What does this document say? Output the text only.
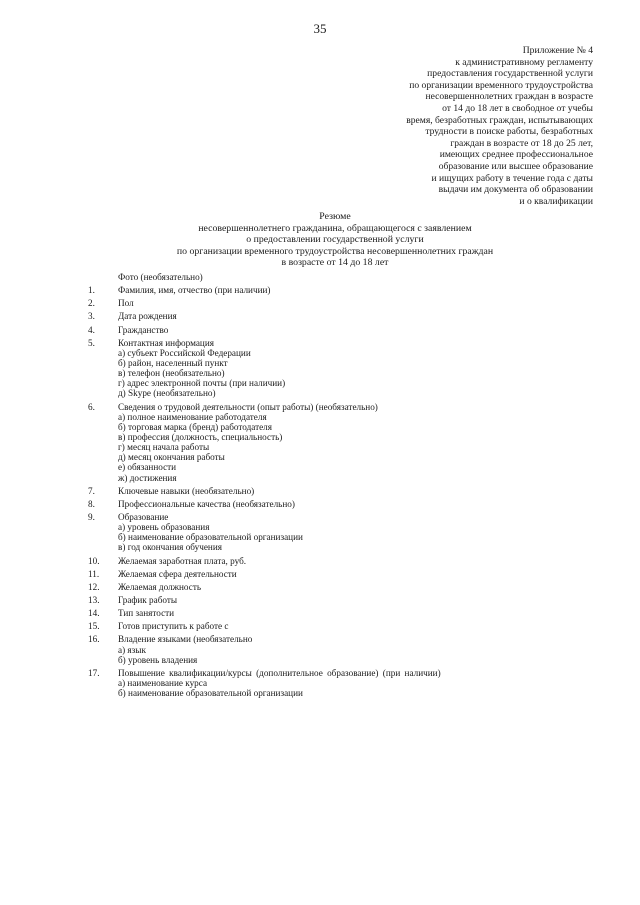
35
Приложение № 4
к административному регламенту
предоставления государственной услуги
по организации временного трудоустройства
несовершеннолетних граждан в возрасте
от 14 до 18 лет в свободное от учебы
время, безработных граждан, испытывающих
трудности в поиске работы, безработных
граждан в возрасте от 18 до 25 лет,
имеющих среднее профессиональное
образование или высшее образование
и ищущих работу в течение года с даты
выдачи им документа об образовании
и о квалификации
Резюме
несовершеннолетнего гражданина, обращающегося с заявлением
о предоставлении государственной услуги
по организации временного трудоустройства несовершеннолетних граждан
в возрасте от 14 до 18 лет
Фото (необязательно)
1.	Фамилия, имя, отчество (при наличии)
2.	Пол
3.	Дата рождения
4.	Гражданство
5.	Контактная информация
а) субъект Российской Федерации
б) район, населенный пункт
в) телефон (необязательно)
г) адрес электронной почты (при наличии)
д) Skype (необязательно)
6.	Сведения о трудовой деятельности (опыт работы) (необязательно)
а) полное наименование работодателя
б) торговая марка (бренд) работодателя
в) профессия (должность, специальность)
г) месяц начала работы
д) месяц окончания работы
е) обязанности
ж) достижения
7.	Ключевые навыки (необязательно)
8.	Профессиональные качества (необязательно)
9.	Образование
а) уровень образования
б) наименование образовательной организации
в) год окончания обучения
10.	Желаемая заработная плата, руб.
11.	Желаемая сфера деятельности
12.	Желаемая должность
13.	График работы
14.	Тип занятости
15.	Готов приступить к работе с
16.	Владение языками (необязательно
а) язык
б) уровень владения
17.	Повышение квалификации/курсы (дополнительное образование) (при наличии)
а) наименование курса
б) наименование образовательной организации
